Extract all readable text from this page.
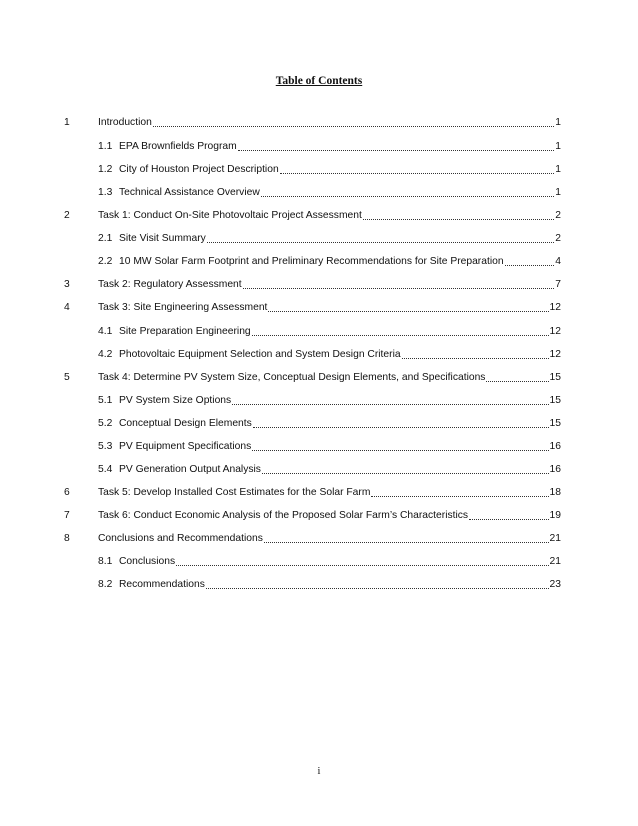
Table of Contents
1	Introduction	1
1.1 EPA Brownfields Program	1
1.2 City of Houston Project Description	1
1.3 Technical Assistance Overview	1
2	Task 1: Conduct On-Site Photovoltaic Project Assessment	2
2.1 Site Visit Summary	2
2.2 10 MW Solar Farm Footprint and Preliminary Recommendations for Site Preparation	4
3	Task 2: Regulatory Assessment	7
4	Task 3: Site Engineering Assessment	12
4.1 Site Preparation Engineering	12
4.2 Photovoltaic Equipment Selection and System Design Criteria	12
5	Task 4: Determine PV System Size, Conceptual Design Elements, and Specifications	15
5.1 PV System Size Options	15
5.2 Conceptual Design Elements	15
5.3 PV Equipment Specifications	16
5.4 PV Generation Output Analysis	16
6	Task 5: Develop Installed Cost Estimates for the Solar Farm	18
7	Task 6: Conduct Economic Analysis of the Proposed Solar Farm’s Characteristics	19
8	Conclusions and Recommendations	21
8.1 Conclusions	21
8.2 Recommendations	23
i
